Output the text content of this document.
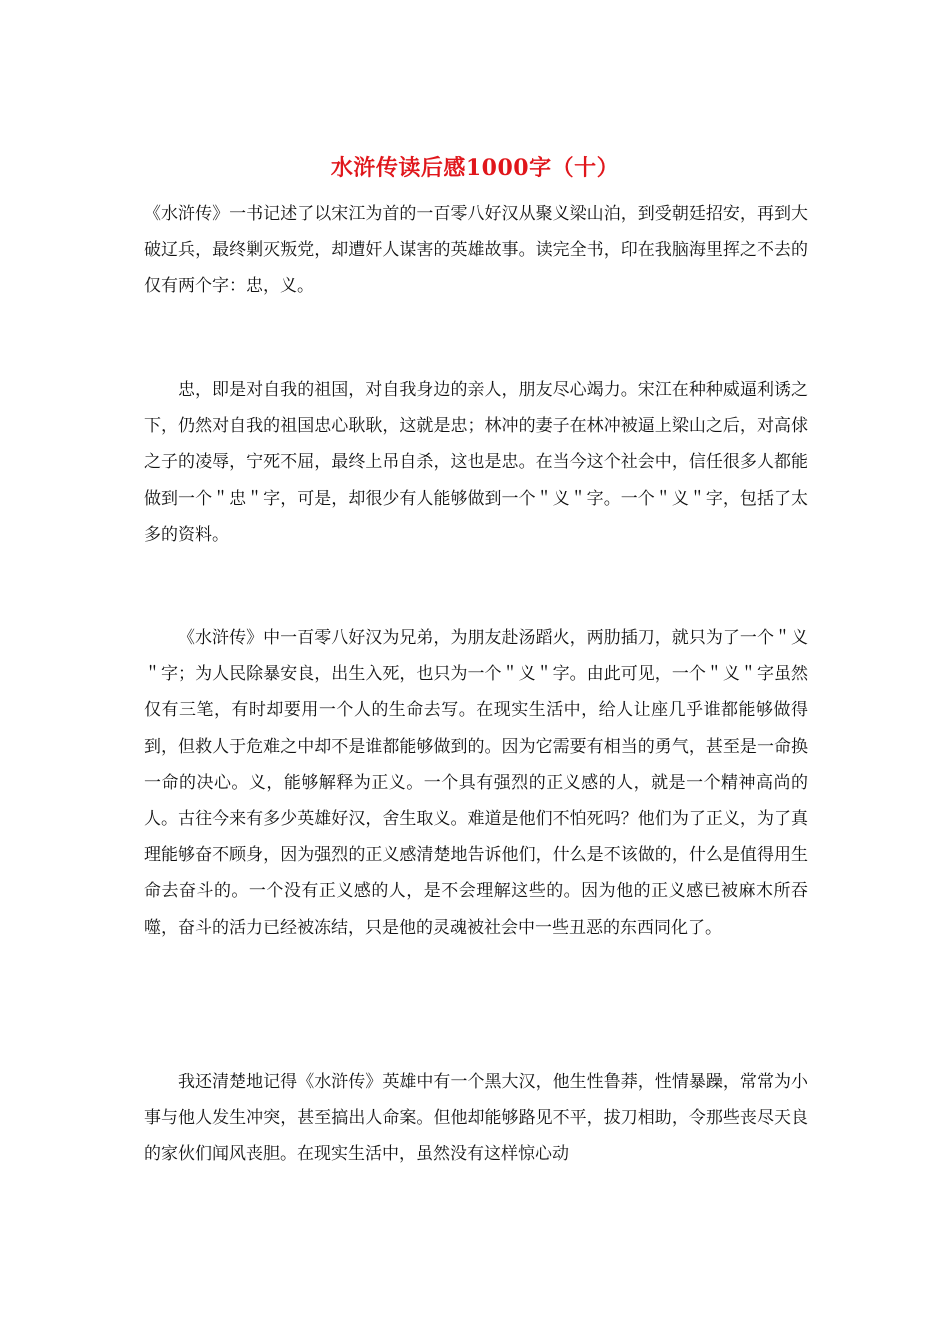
水浒传读后感1000字（十）

《水浒传》一书记述了以宋江为首的一百零八好汉从聚义梁山泊，到受朝廷招安，再到大破辽兵，最终剿灭叛党，却遭奸人谋害的英雄故事。读完全书，印在我脑海里挥之不去的仅有两个字：忠，义。

忠，即是对自我的祖国，对自我身边的亲人，朋友尽心竭力。宋江在种种威逼利诱之下，仍然对自我的祖国忠心耿耿，这就是忠；林冲的妻子在林冲被逼上梁山之后，对高俅之子的凌辱，宁死不屈，最终上吊自杀，这也是忠。在当今这个社会中，信任很多人都能做到一个＂忠＂字，可是，却很少有人能够做到一个＂义＂字。一个＂义＂字，包括了太多的资料。

《水浒传》中一百零八好汉为兄弟，为朋友赴汤蹈火，两肋插刀，就只为了一个＂义＂字；为人民除暴安良，出生入死，也只为一个＂义＂字。由此可见，一个＂义＂字虽然仅有三笔，有时却要用一个人的生命去写。在现实生活中，给人让座几乎谁都能够做得到，但救人于危难之中却不是谁都能够做到的。因为它需要有相当的勇气，甚至是一命换一命的决心。义，能够解释为正义。一个具有强烈的正义感的人，就是一个精神高尚的人。古往今来有多少英雄好汉，舍生取义。难道是他们不怕死吗？他们为了正义，为了真理能够奋不顾身，因为强烈的正义感清楚地告诉他们，什么是不该做的，什么是值得用生命去奋斗的。一个没有正义感的人，是不会理解这些的。因为他的正义感已被麻木所吞噬，奋斗的活力已经被冻结，只是他的灵魂被社会中一些丑恶的东西同化了。

我还清楚地记得《水浒传》英雄中有一个黑大汉，他生性鲁莽，性情暴躁，常常为小事与他人发生冲突，甚至搞出人命案。但他却能够路见不平，拔刀相助，令那些丧尽天良的家伙们闻风丧胆。在现实生活中，虽然没有这样惊心动
